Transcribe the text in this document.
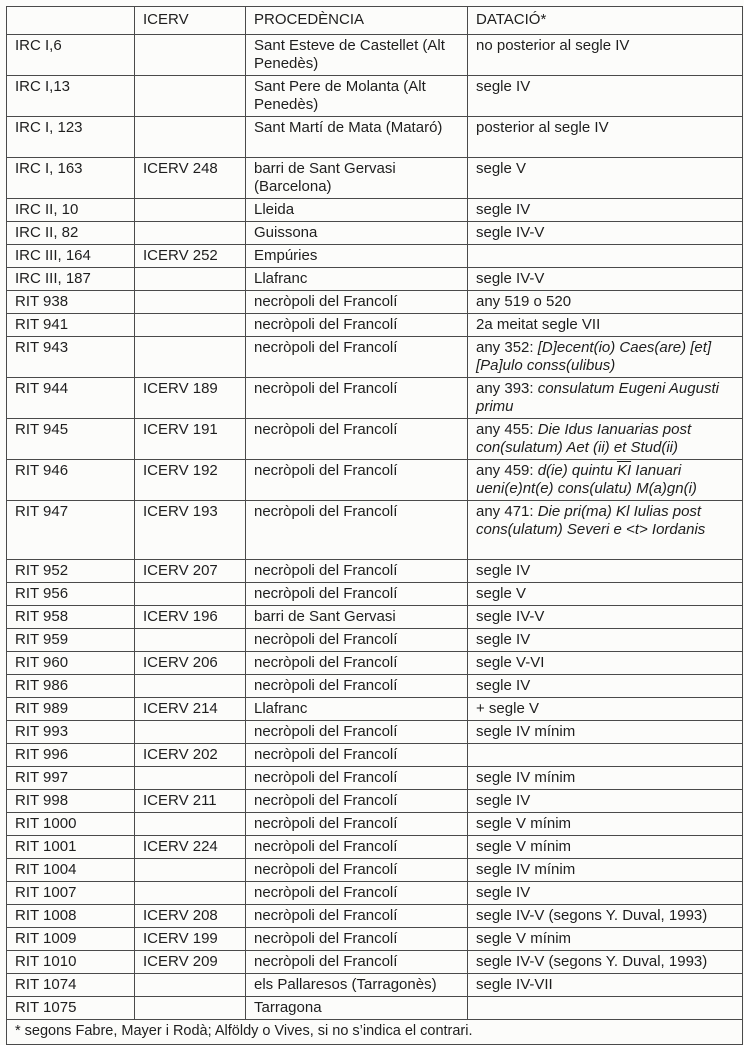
	ICERV	PROCEDÈNCIA	DATACIÓ*
IRC I,6		Sant Esteve de Castellet (Alt Penedès)	no posterior al segle IV
IRC I,13		Sant Pere de Molanta (Alt Penedès)	segle IV
IRC I, 123		Sant Martí de Mata (Mataró)	posterior al segle IV
IRC I, 163	ICERV 248	barri de Sant Gervasi (Barcelona)	segle V
IRC II, 10		Lleida	segle IV
IRC II, 82		Guissona	segle IV-V
IRC III, 164	ICERV 252	Empúries	
IRC III, 187		Llafranc	segle IV-V
RIT 938		necròpoli del Francolí	any 519 o 520
RIT 941		necròpoli del Francolí	2a meitat segle VII
RIT 943		necròpoli del Francolí	any 352: [D]ecent(io) Caes(are) [et] [Pa]ulo conss(ulibus)
RIT 944	ICERV 189	necròpoli del Francolí	any 393: consulatum Eugeni Augusti primu
RIT 945	ICERV 191	necròpoli del Francolí	any 455: Die Idus Ianuarias post con(sulatum) Aet (ii) et Stud(ii)
RIT 946	ICERV 192	necròpoli del Francolí	any 459: d(ie) quintu $\overline{KI}$ Ianuari ueni(e)nt(e) cons(ulatu) M(a)gn(i)
RIT 947	ICERV 193	necròpoli del Francolí	any 471: Die pri(ma) Kl Iulias post cons(ulatum) Severi e <t> Iordanis
RIT 952	ICERV 207	necròpoli del Francolí	segle IV
RIT 956		necròpoli del Francolí	segle V
RIT 958	ICERV 196	barri de Sant Gervasi	segle IV-V
RIT 959		necròpoli del Francolí	segle IV
RIT 960	ICERV 206	necròpoli del Francolí	segle V-VI
RIT 986		necròpoli del Francolí	segle IV
RIT 989	ICERV 214	Llafranc	+ segle V
RIT 993		necròpoli del Francolí	segle IV mínim
RIT 996	ICERV 202	necròpoli del Francolí	
RIT 997		necròpoli del Francolí	segle IV mínim
RIT 998	ICERV 211	necròpoli del Francolí	segle IV
RIT 1000		necròpoli del Francolí	segle V mínim
RIT 1001	ICERV 224	necròpoli del Francolí	segle V mínim
RIT 1004		necròpoli del Francolí	segle IV mínim
RIT 1007		necròpoli del Francolí	segle IV
RIT 1008	ICERV 208	necròpoli del Francolí	segle IV-V (segons Y. Duval, 1993)
RIT 1009	ICERV 199	necròpoli del Francolí	segle V mínim
RIT 1010	ICERV 209	necròpoli del Francolí	segle IV-V (segons Y. Duval, 1993)
RIT 1074		els Pallaresos (Tarragonès)	segle IV-VII
RIT 1075		Tarragona	
* segons Fabre, Mayer i Rodà; Alföldy o Vives, si no s’indica el contrari.			
